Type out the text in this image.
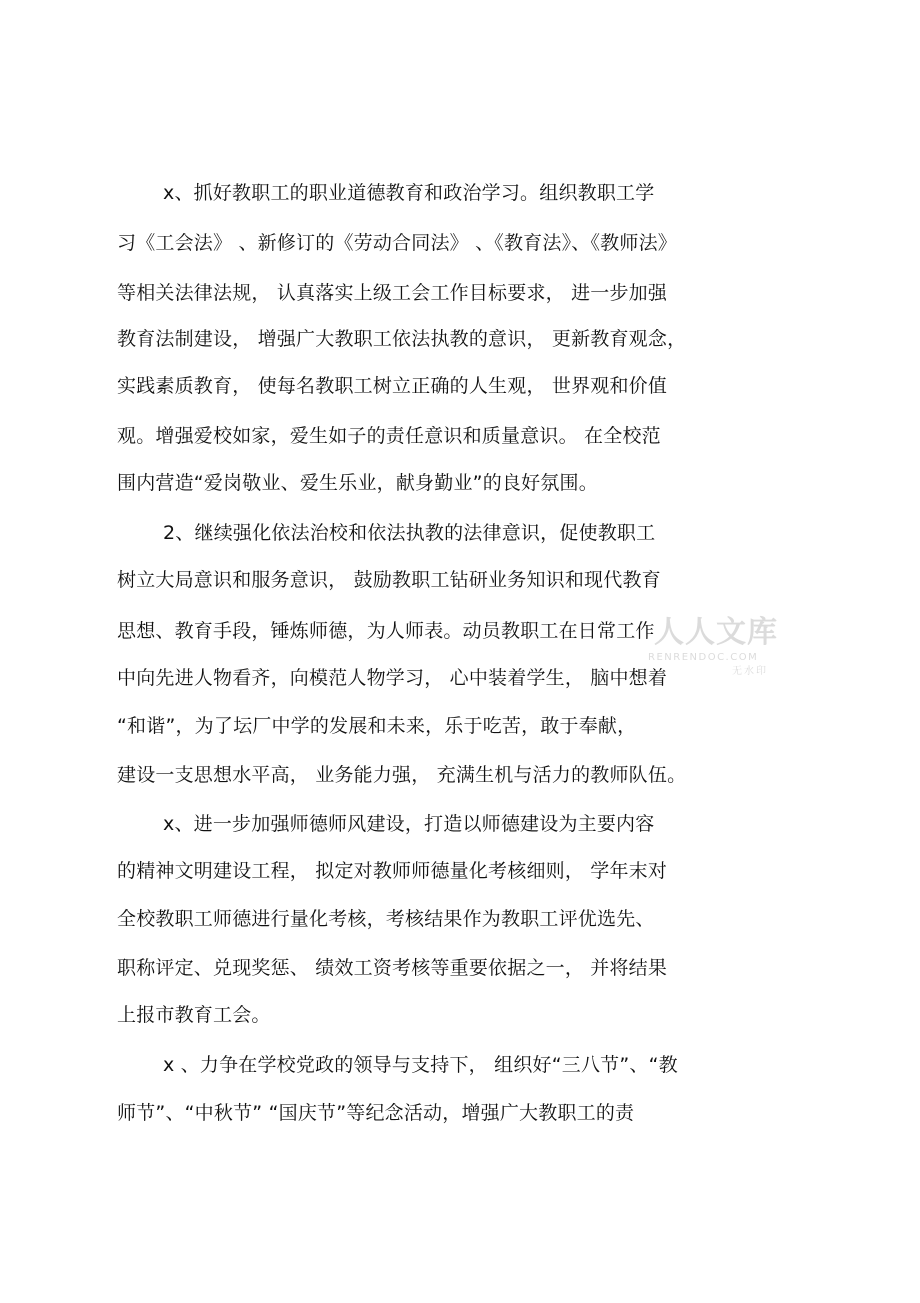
x、抓好教职工的职业道德教育和政治学习。组织教职工学
习《工会法》 、新修订的《劳动合同法》 、《教育法》、《教师法》
等相关法律法规， 认真落实上级工会工作目标要求， 进一步加强
教育法制建设， 增强广大教职工依法执教的意识， 更新教育观念，
实践素质教育， 使每名教职工树立正确的人生观， 世界观和价值
观。增强爱校如家，爱生如子的责任意识和质量意识。 在全校范
围内营造“爱岗敬业、爱生乐业，献身勤业”的良好氛围。
2、继续强化依法治校和依法执教的法律意识，促使教职工
树立大局意识和服务意识， 鼓励教职工钻研业务知识和现代教育
思想、教育手段，锤炼师德，为人师表。动员教职工在日常工作
中向先进人物看齐，向模范人物学习， 心中装着学生， 脑中想着
“和谐”，为了坛厂中学的发展和未来，乐于吃苦，敢于奉献，
建设一支思想水平高， 业务能力强， 充满生机与活力的教师队伍。
x、进一步加强师德师风建设，打造以师德建设为主要内容
的精神文明建设工程， 拟定对教师师德量化考核细则， 学年末对
全校教职工师德进行量化考核，考核结果作为教职工评优选先、
职称评定、兑现奖惩、 绩效工资考核等重要依据之一， 并将结果
上报市教育工会。
x 、力争在学校党政的领导与支持下， 组织好“三八节”、“教
师节”、“中秋节” “国庆节”等纪念活动，增强广大教职工的责
人人文库
RENRENDOC.COM
无水印
